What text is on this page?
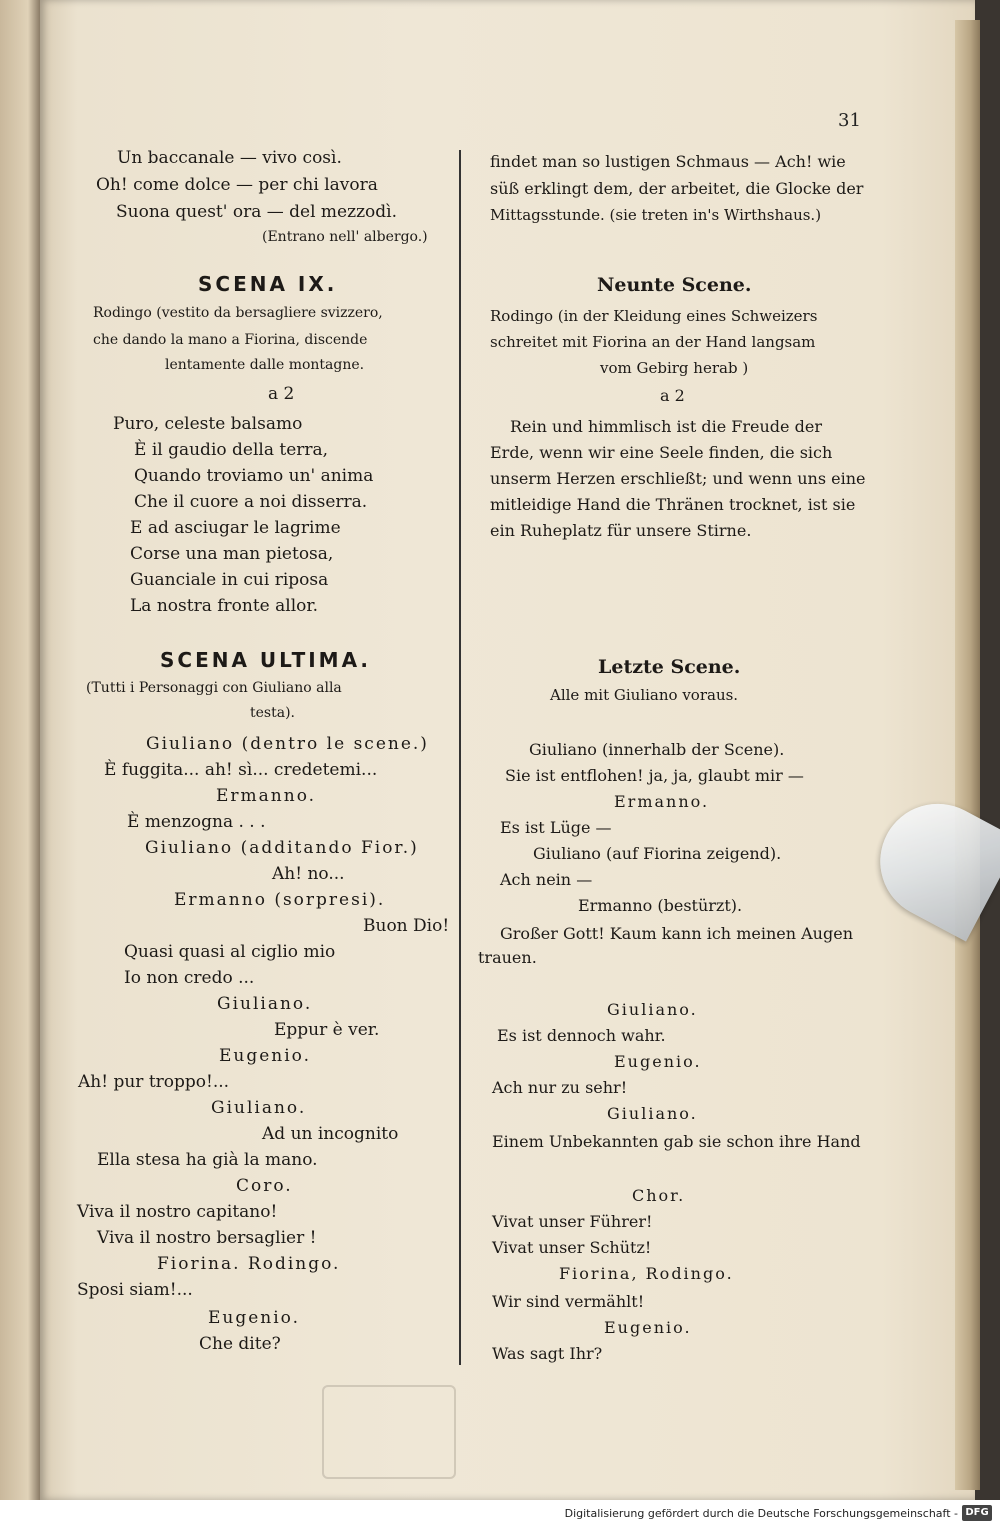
31
Un baccanale — vivo così.
Oh! come dolce — per chi lavora
Suona quest' ora — del mezzodì.
(Entrano nell' albergo.)
SCENA IX.
Rodingo (vestito da bersagliere svizzero,
che dando la mano a Fiorina, discende
lentamente dalle montagne.
a 2
Puro, celeste balsamo
È il gaudio della terra,
Quando troviamo un' anima
Che il cuore a noi disserra.
E ad asciugar le lagrime
Corse una man pietosa,
Guanciale in cui riposa
La nostra fronte allor.
SCENA ULTIMA.
(Tutti i Personaggi con Giuliano alla
testa).
Giuliano (dentro le scene.)
È fuggita... ah! sì... credetemi...
Ermanno.
È menzogna . . .
Giuliano (additando Fior.)
Ah! no...
Ermanno (sorpresi).
Buon Dio!
Quasi quasi al ciglio mio
Io non credo ...
Giuliano.
Eppur è ver.
Eugenio.
Ah! pur troppo!...
Giuliano.
Ad un incognito
Ella stesa ha già la mano.
Coro.
Viva il nostro capitano!
Viva il nostro bersaglier !
Fiorina. Rodingo.
Sposi siam!...
Eugenio.
Che dite?
findet man so lustigen Schmaus — Ach! wie
süß erklingt dem, der arbeitet, die Glocke der
Mittagsstunde. (sie treten in's Wirthshaus.)
Neunte Scene.
Rodingo (in der Kleidung eines Schweizers
schreitet mit Fiorina an der Hand langsam
vom Gebirg herab )
a 2
Rein und himmlisch ist die Freude der
Erde, wenn wir eine Seele finden, die sich
unserm Herzen erschließt; und wenn uns eine
mitleidige Hand die Thränen trocknet, ist sie
ein Ruheplatz für unsere Stirne.
Letzte Scene.
Alle mit Giuliano voraus.
Giuliano (innerhalb der Scene).
Sie ist entflohen! ja, ja, glaubt mir —
Ermanno.
Es ist Lüge —
Giuliano (auf Fiorina zeigend).
Ach nein —
Ermanno (bestürzt).
Großer Gott! Kaum kann ich meinen Augen
trauen.
Giuliano.
Es ist dennoch wahr.
Eugenio.
Ach nur zu sehr!
Giuliano.
Einem Unbekannten gab sie schon ihre Hand
Chor.
Vivat unser Führer!
Vivat unser Schütz!
Fiorina, Rodingo.
Wir sind vermählt!
Eugenio.
Was sagt Ihr?
Digitalisierung gefördert durch die Deutsche Forschungsgemeinschaft - DFG
